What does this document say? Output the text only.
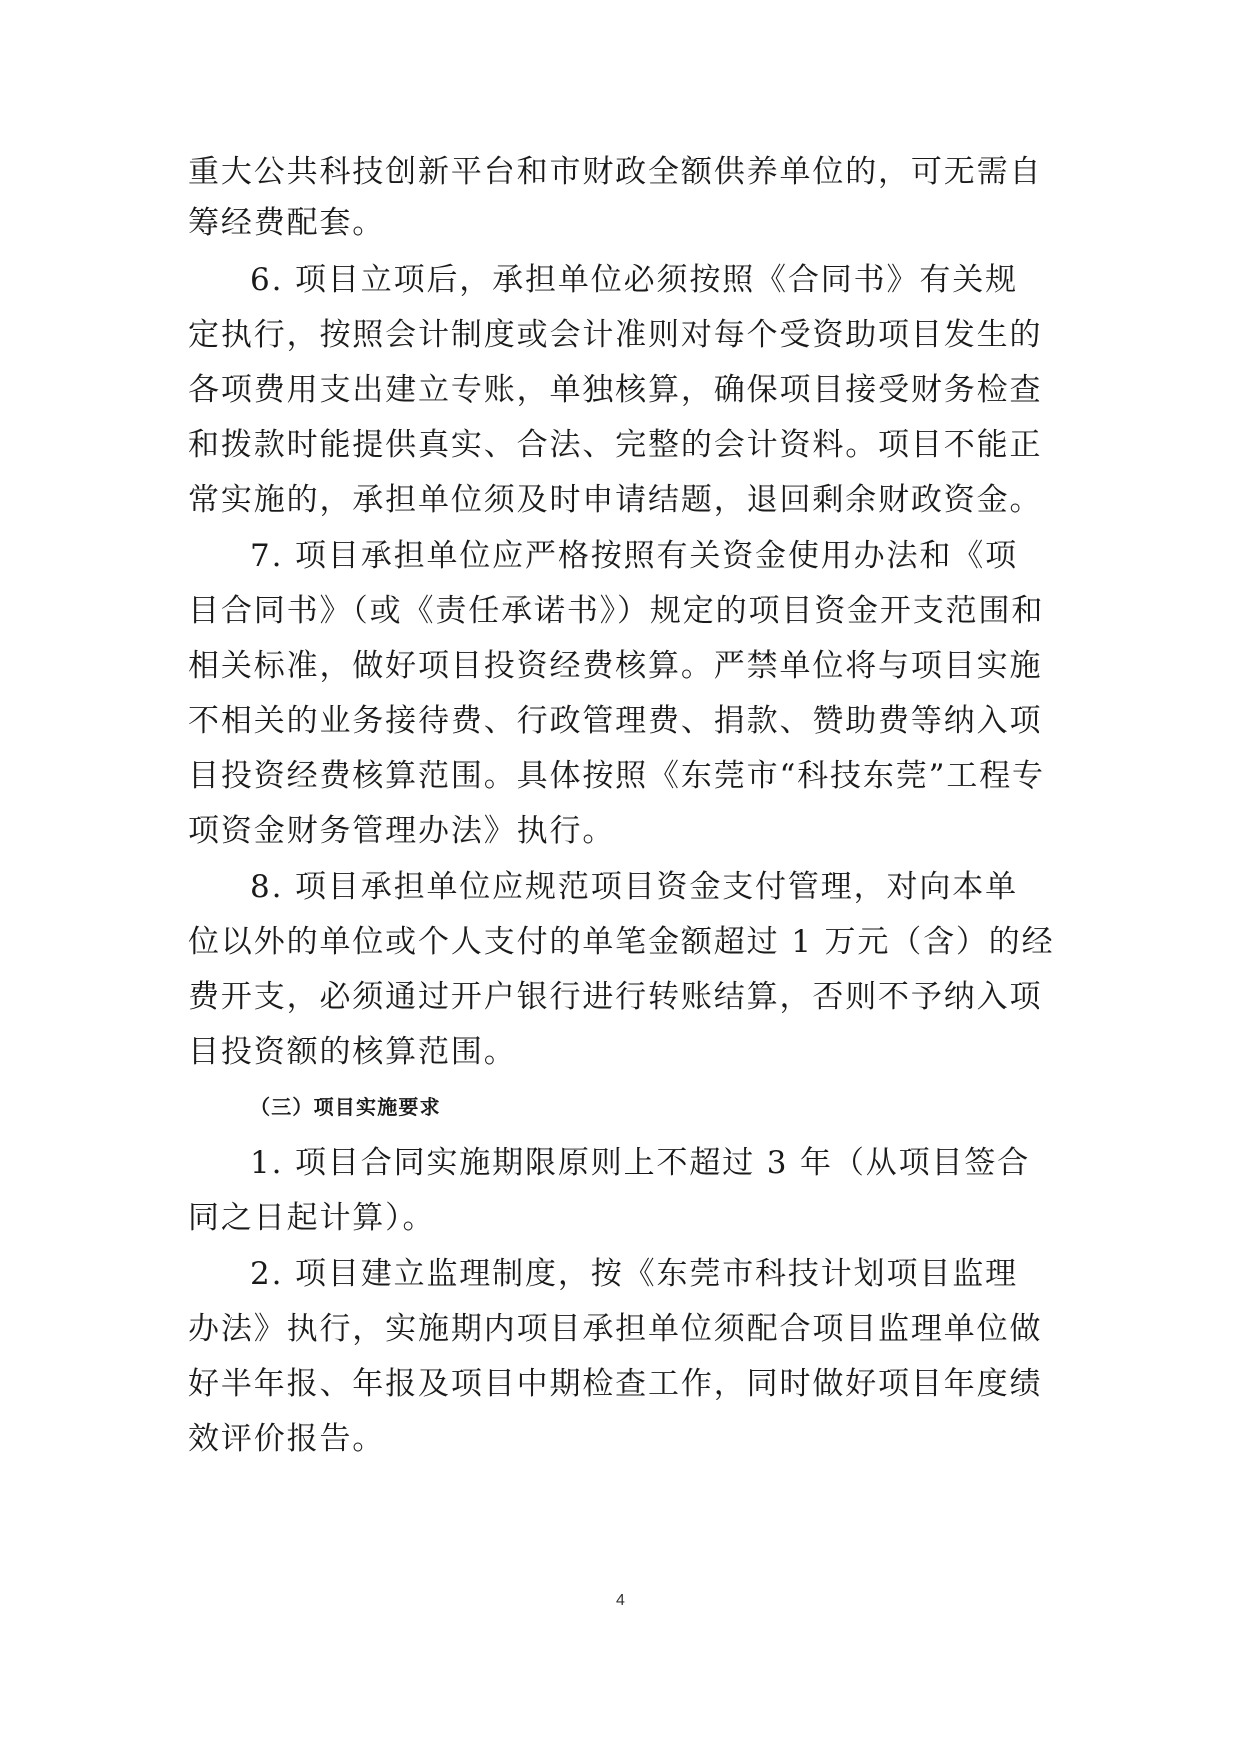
重大公共科技创新平台和市财政全额供养单位的，可无需自
筹经费配套。
6. 项目立项后，承担单位必须按照《合同书》有关规
定执行，按照会计制度或会计准则对每个受资助项目发生的
各项费用支出建立专账，单独核算，确保项目接受财务检查
和拨款时能提供真实、合法、完整的会计资料。项目不能正
常实施的，承担单位须及时申请结题，退回剩余财政资金。
7. 项目承担单位应严格按照有关资金使用办法和《项
目合同书》（或《责任承诺书》）规定的项目资金开支范围和
相关标准，做好项目投资经费核算。严禁单位将与项目实施
不相关的业务接待费、行政管理费、捐款、赞助费等纳入项
目投资经费核算范围。具体按照《东莞市“科技东莞”工程专
项资金财务管理办法》执行。
8. 项目承担单位应规范项目资金支付管理，对向本单
位以外的单位或个人支付的单笔金额超过 1 万元（含）的经
费开支，必须通过开户银行进行转账结算，否则不予纳入项
目投资额的核算范围。
（三）项目实施要求
1. 项目合同实施期限原则上不超过 3 年（从项目签合
同之日起计算）。
2. 项目建立监理制度，按《东莞市科技计划项目监理
办法》执行，实施期内项目承担单位须配合项目监理单位做
好半年报、年报及项目中期检查工作，同时做好项目年度绩
效评价报告。
4
